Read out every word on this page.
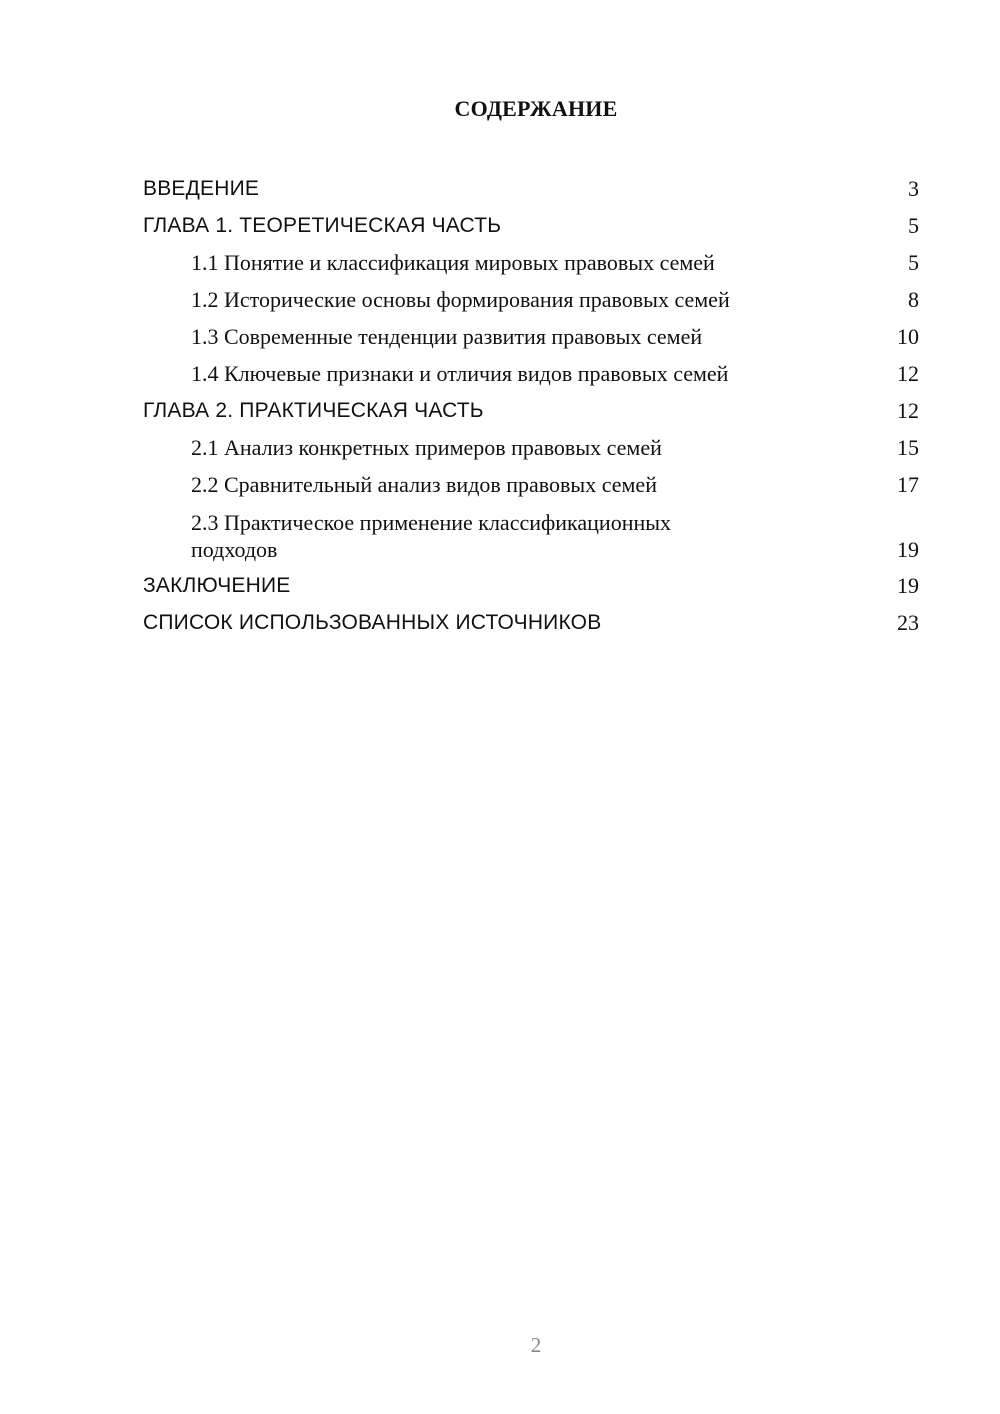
СОДЕРЖАНИЕ
ВВЕДЕНИЕ	3
ГЛАВА 1. ТЕОРЕТИЧЕСКАЯ ЧАСТЬ	5
1.1 Понятие и классификация мировых правовых семей	5
1.2 Исторические основы формирования правовых семей	8
1.3 Современные тенденции развития правовых семей	10
1.4 Ключевые признаки и отличия видов правовых семей	12
ГЛАВА 2. ПРАКТИЧЕСКАЯ ЧАСТЬ	12
2.1 Анализ конкретных примеров правовых семей	15
2.2 Сравнительный анализ видов правовых семей	17
2.3 Практическое применение классификационных подходов	19
ЗАКЛЮЧЕНИЕ	19
СПИСОК ИСПОЛЬЗОВАННЫХ ИСТОЧНИКОВ	23
2
